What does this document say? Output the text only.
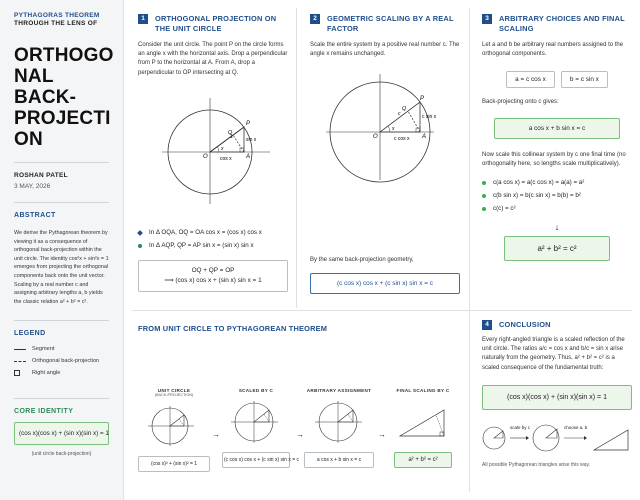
PYTHAGORAS THEOREM
THROUGH THE LENS OF
ORTHOGO
NAL
BACK-
PROJECTI
ON
ROSHAN PATEL
3 MAY, 2026
ABSTRACT
We derive the Pythagorean theorem by viewing it as a consequence of orthogonal back-projection within the unit circle. The identity cos²x + sin²x = 1 emerges from projecting the orthogonal components back onto the unit vector. Scaling by a real number c and assigning arbitrary lengths a, b yields the classic relation a² + b² = c².
LEGEND
Segment
Orthogonal back-projection
Right angle
CORE IDENTITY
(cos x)(cos x) + (sin x)(sin x) = 1
(unit circle back-projection)
1	ORTHOGONAL PROJECTION ON THE UNIT CIRCLE
Consider the unit circle. The point P on the circle forms an angle x with the horizontal axis. Drop a perpendicular from P to the horizontal at A. From A, drop a perpendicular to OP intersecting at Q.
O	A
P
Q
x
cos x
sin x
1
In Δ OQA, OQ = OA cos x = (cos x) cos x
In Δ AQP, QP = AP sin x = (sin x) sin x
OQ + QP = OP
⟹ (cos x) cos x + (sin x) sin x = 1
2	GEOMETRIC SCALING BY A REAL FACTOR
Scale the entire system by a positive real number c. The angle x remains unchanged.
O	A
P
Q
x
c
c cos x
c sin x
By the same back-projection geometry,
(c cos x) cos x + (c sin x) sin x = c
3	ARBITRARY CHOICES AND FINAL SCALING
Let a and b be arbitrary real numbers assigned to the orthogonal components.
a = c cos x	b = c sin x
Back-projecting onto c gives:
a cos x + b sin x = c
Now scale this collinear system by c one final time (no orthogonality here, so lengths scale multiplicatively).
c(a cos x) = a(c cos x) = a(a) = a²
c(b sin x) = b(c sin x) = b(b) = b²
c(c) = c²
↓
a² + b² = c²
FROM UNIT CIRCLE TO PYTHAGOREAN THEOREM
UNIT CIRCLE
(BACK-PROJECTION)
(cos x)² + (sin x)² = 1
→
SCALED BY C
(c cos x) cos x + (c sin x) sin x = c
→
ARBITRARY ASSIGNMENT
a cos x + b sin x = c
→
FINAL SCALING BY C
a² + b² = c²
4	CONCLUSION
Every right-angled triangle is a scaled reflection of the unit circle. The ratios a/c = cos x and b/c = sin x arise naturally from the geometry. Thus, a² + b² = c² is a scaled consequence of the fundamental truth:
(cos x)(cos x) + (sin x)(sin x) = 1
scale by c	choose a, b
All possible Pythagorean triangles arise this way.
